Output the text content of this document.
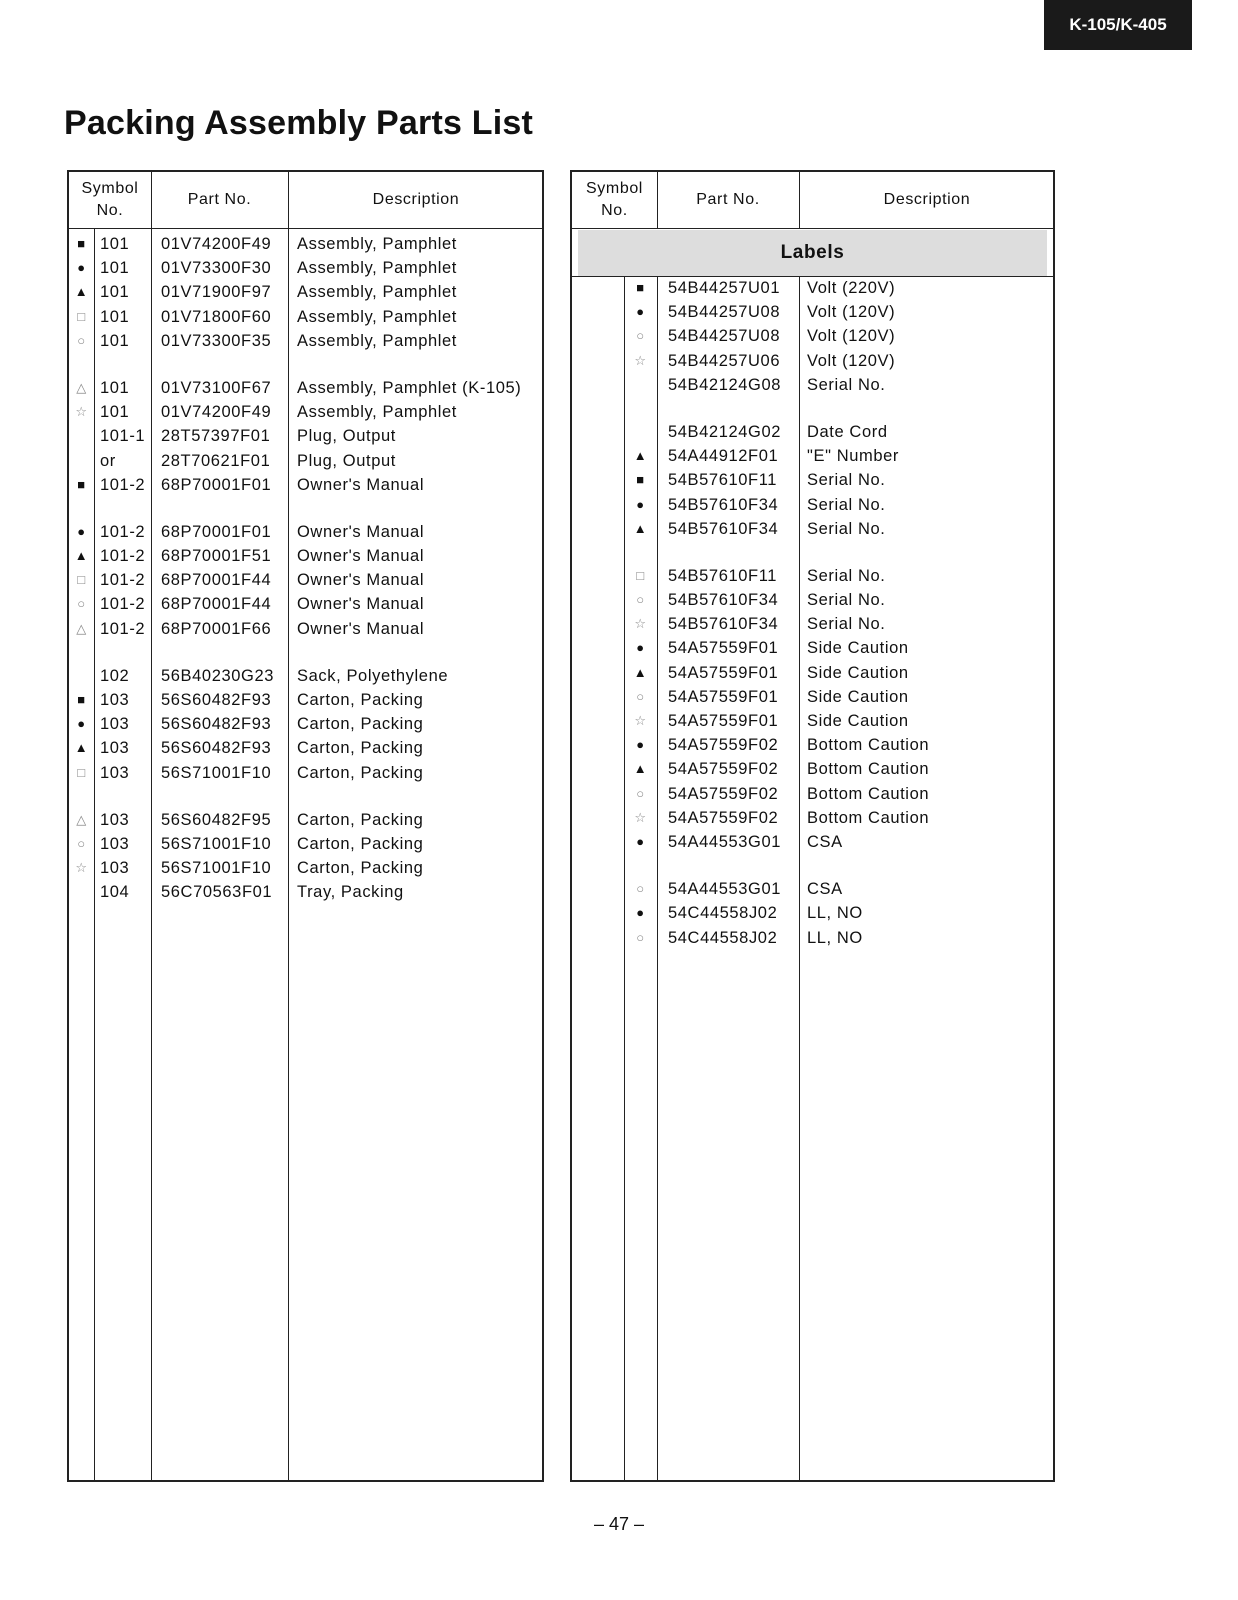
K-105/K-405
Packing Assembly Parts List
Symbol No.
Part No.	Description
■ 101 01V74200F49 Assembly, Pamphlet
● 101 01V73300F30 Assembly, Pamphlet
▲ 101 01V71900F97 Assembly, Pamphlet
□ 101 01V71800F60 Assembly, Pamphlet
○ 101 01V73300F35 Assembly, Pamphlet
△ 101 01V73100F67 Assembly, Pamphlet (K-105)
☆ 101 01V74200F49 Assembly, Pamphlet
101-1 28T57397F01 Plug, Output
or	28T70621F01 Plug, Output
■ 101-2 68P70001F01 Owner's Manual
● 101-2 68P70001F01 Owner's Manual
▲ 101-2 68P70001F51 Owner's Manual
□ 101-2 68P70001F44 Owner's Manual
○ 101-2 68P70001F44 Owner's Manual
△ 101-2 68P70001F66 Owner's Manual
102 56B40230G23 Sack, Polyethylene
■ 103 56S60482F93 Carton, Packing
● 103 56S60482F93 Carton, Packing
▲ 103 56S60482F93 Carton, Packing
□ 103 56S71001F10 Carton, Packing
△ 103 56S60482F95 Carton, Packing
○ 103 56S71001F10 Carton, Packing
☆ 103 56S71001F10 Carton, Packing
104 56C70563F01 Tray, Packing
Symbol No.
Part No.	Description
Labels
■	54B44257U01 Volt (220V)
●	54B44257U08 Volt (120V)
○	54B44257U08 Volt (120V)
☆	54B44257U06 Volt (120V)
54B42124G08 Serial No.
54B42124G02 Date Cord
▲	54A44912F01 "E" Number
■	54B57610F11 Serial No.
●	54B57610F34 Serial No.
▲	54B57610F34 Serial No.
□	54B57610F11 Serial No.
○	54B57610F34 Serial No.
☆	54B57610F34 Serial No.
●	54A57559F01 Side Caution
▲	54A57559F01 Side Caution
○	54A57559F01 Side Caution
☆	54A57559F01 Side Caution
●	54A57559F02 Bottom Caution
▲	54A57559F02 Bottom Caution
○	54A57559F02 Bottom Caution
☆	54A57559F02 Bottom Caution
●	54A44553G01 CSA
○	54A44553G01 CSA
●	54C44558J02 LL, NO
○	54C44558J02 LL, NO
– 47 –
